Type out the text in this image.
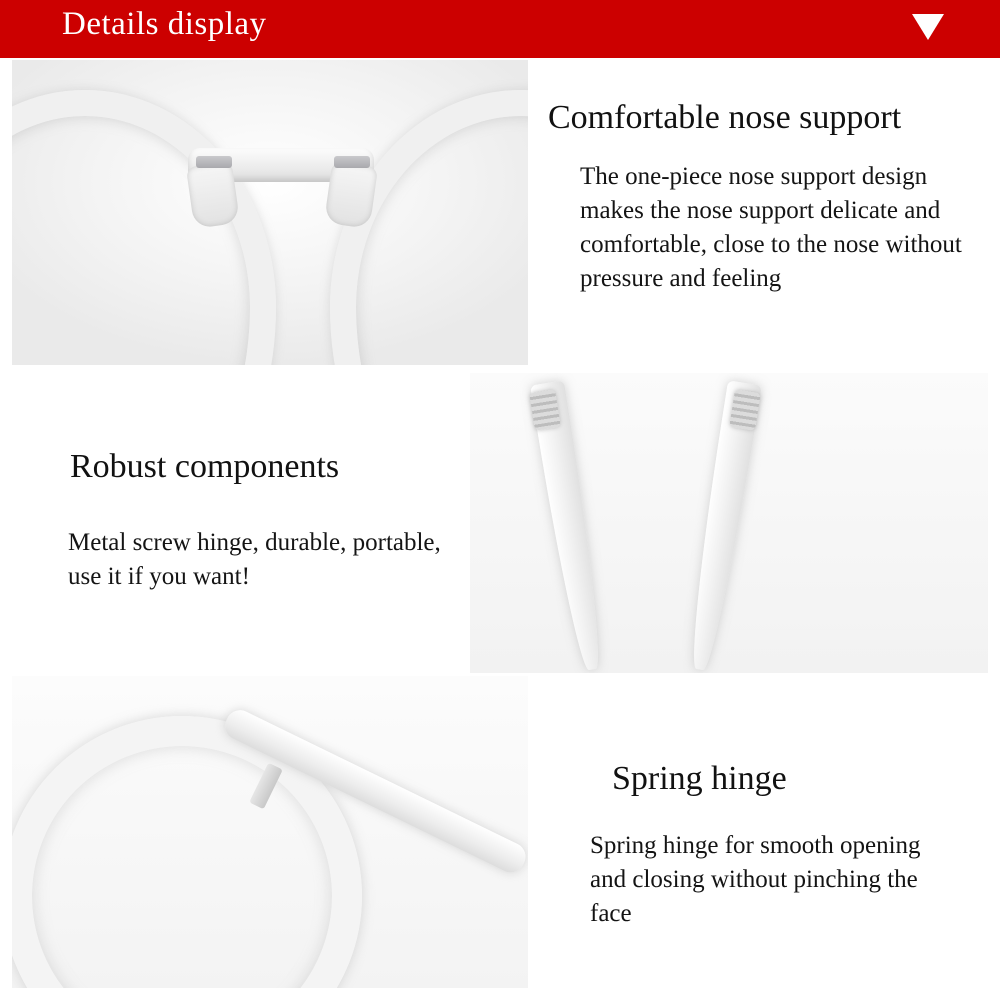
Details display
Comfortable nose support
The one-piece nose support design makes the nose support delicate and comfortable, close to the nose without pressure and feeling
Robust components
Metal screw hinge, durable, portable, use it if you want!
Spring hinge
Spring hinge for smooth opening and closing without pinching the face
